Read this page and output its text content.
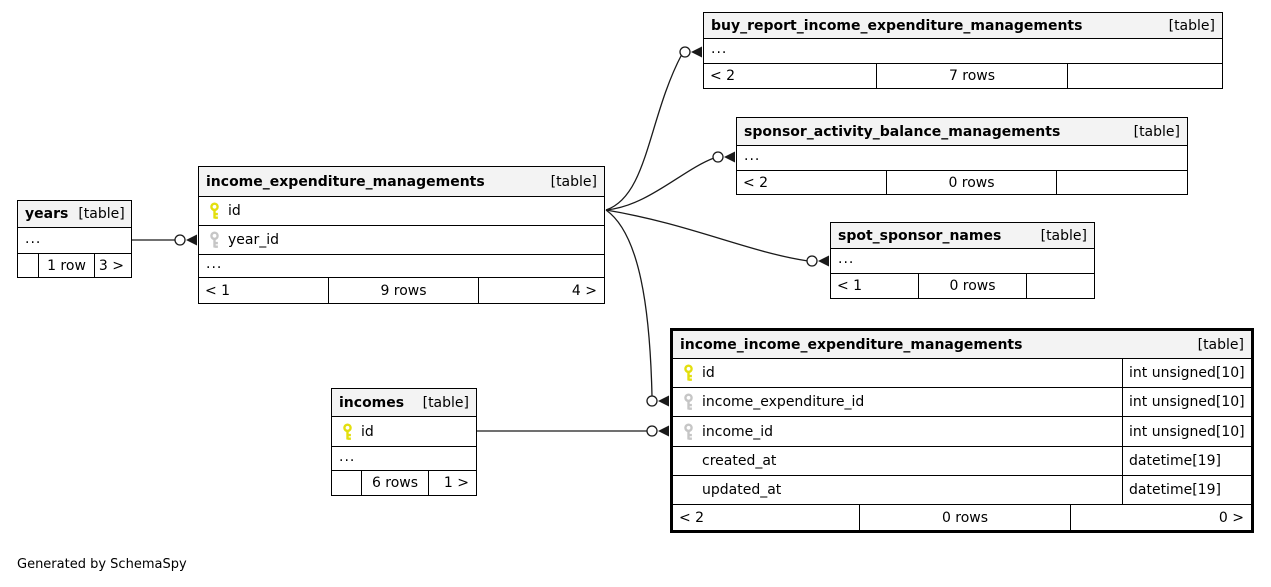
years [table]
...
1 row 3 >
income_expenditure_managements	[table]
id
year_id
...
< 1	9 rows	4 >
buy_report_income_expenditure_managements	[table]
...
< 2	7 rows
sponsor_activity_balance_managements	[table]
...
< 2	0 rows
spot_sponsor_names	[table]
...
< 1	0 rows
income_income_expenditure_managements	[table]
id	int unsigned[10]
income_expenditure_id	int unsigned[10]
income_id	int unsigned[10]
created_at	datetime[19]
updated_at	datetime[19]
< 2	0 rows	0 >
incomes [table]
id
...
6 rows	1 >
Generated by SchemaSpy
